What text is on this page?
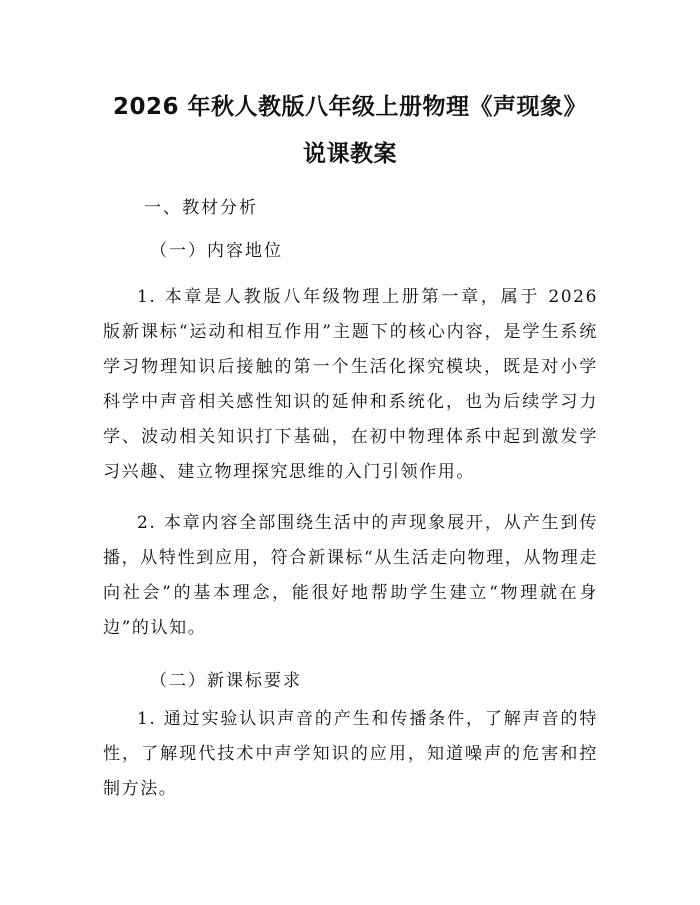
2026 年秋人教版八年级上册物理《声现象》
说课教案

一、教材分析

（一）内容地位

1. 本章是人教版八年级物理上册第一章，属于 2026 版新课标“运动和相互作用”主题下的核心内容，是学生系统学习物理知识后接触的第一个生活化探究模块，既是对小学科学中声音相关感性知识的延伸和系统化，也为后续学习力学、波动相关知识打下基础，在初中物理体系中起到激发学习兴趣、建立物理探究思维的入门引领作用。

2. 本章内容全部围绕生活中的声现象展开，从产生到传播，从特性到应用，符合新课标“从生活走向物理，从物理走向社会”的基本理念，能很好地帮助学生建立“物理就在身边”的认知。

（二）新课标要求

1. 通过实验认识声音的产生和传播条件，了解声音的特性，了解现代技术中声学知识的应用，知道噪声的危害和控制方法。
